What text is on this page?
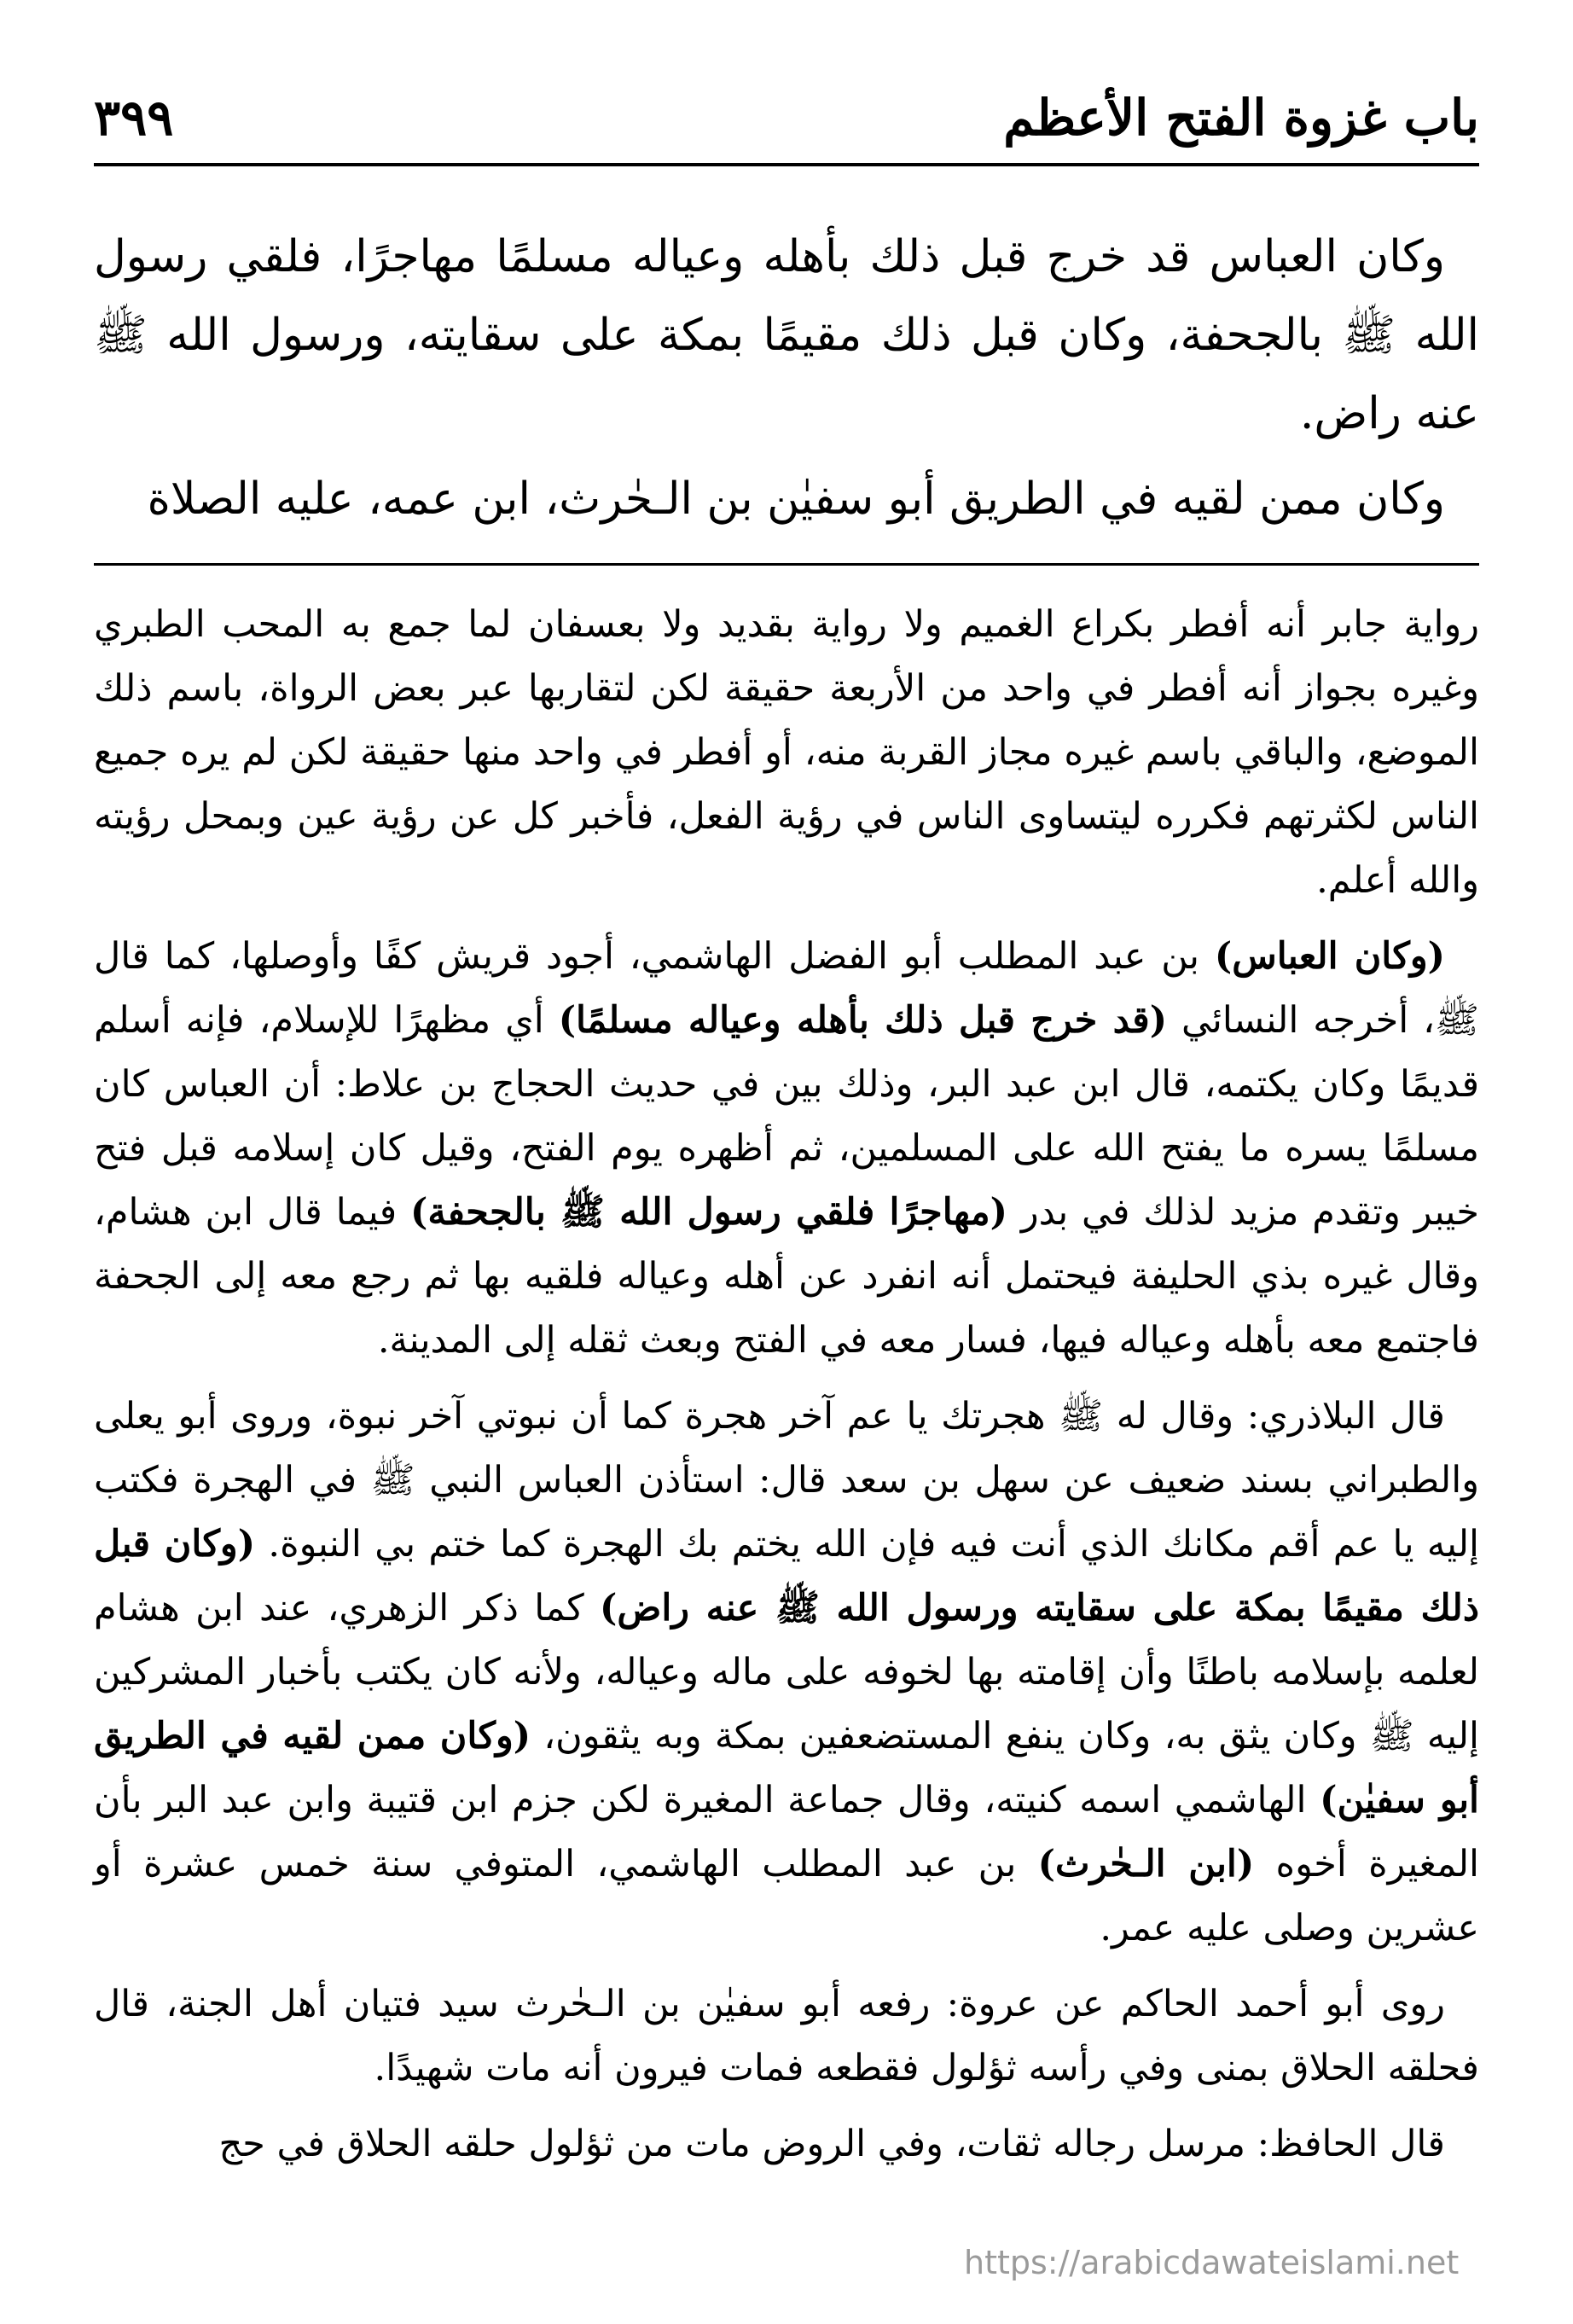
باب غزوة الفتح الأعظم
٣٩٩

وكان العباس قد خرج قبل ذلك بأهله وعياله مسلمًا مهاجرًا، فلقي رسول الله ﷺ بالجحفة، وكان قبل ذلك مقيمًا بمكة على سقايته، ورسول الله ﷺ عنه راض.

وكان ممن لقيه في الطريق أبو سفيٰن بن الـحٰرث، ابن عمه، عليه الصلاة

رواية جابر أنه أفطر بكراع الغميم ولا رواية بقديد ولا بعسفان لما جمع به المحب الطبري وغيره بجواز أنه أفطر في واحد من الأربعة حقيقة لكن لتقاربها عبر بعض الرواة، باسم ذلك الموضع، والباقي باسم غيره مجاز القربة منه، أو أفطر في واحد منها حقيقة لكن لم يره جميع الناس لكثرتهم فكرره ليتساوى الناس في رؤية الفعل، فأخبر كل عن رؤية عين وبمحل رؤيته والله أعلم.

(وكان العباس) بن عبد المطلب أبو الفضل الهاشمي، أجود قريش كفًا وأوصلها، كما قال ﷺ، أخرجه النسائي (قد خرج قبل ذلك بأهله وعياله مسلمًا) أي مظهرًا للإسلام، فإنه أسلم قديمًا وكان يكتمه، قال ابن عبد البر، وذلك بين في حديث الحجاج بن علاط: أن العباس كان مسلمًا يسره ما يفتح الله على المسلمين، ثم أظهره يوم الفتح، وقيل كان إسلامه قبل فتح خيبر وتقدم مزيد لذلك في بدر (مهاجرًا فلقي رسول الله ﷺ بالجحفة) فيما قال ابن هشام، وقال غيره بذي الحليفة فيحتمل أنه انفرد عن أهله وعياله فلقيه بها ثم رجع معه إلى الجحفة فاجتمع معه بأهله وعياله فيها، فسار معه في الفتح وبعث ثقله إلى المدينة.

قال البلاذري: وقال له ﷺ هجرتك يا عم آخر هجرة كما أن نبوتي آخر نبوة، وروى أبو يعلى والطبراني بسند ضعيف عن سهل بن سعد قال: استأذن العباس النبي ﷺ في الهجرة فكتب إليه يا عم أقم مكانك الذي أنت فيه فإن الله يختم بك الهجرة كما ختم بي النبوة. (وكان قبل ذلك مقيمًا بمكة على سقايته ورسول الله ﷺ عنه راض) كما ذكر الزهري، عند ابن هشام لعلمه بإسلامه باطنًا وأن إقامته بها لخوفه على ماله وعياله، ولأنه كان يكتب بأخبار المشركين إليه ﷺ وكان يثق به، وكان ينفع المستضعفين بمكة وبه يثقون، (وكان ممن لقيه في الطريق أبو سفيٰن) الهاشمي اسمه كنيته، وقال جماعة المغيرة لكن جزم ابن قتيبة وابن عبد البر بأن المغيرة أخوه (ابن الـحٰرث) بن عبد المطلب الهاشمي، المتوفي سنة خمس عشرة أو عشرين وصلى عليه عمر.

روى أبو أحمد الحاكم عن عروة: رفعه أبو سفيٰن بن الـحٰرث سيد فتيان أهل الجنة، قال فحلقه الحلاق بمنى وفي رأسه ثؤلول فقطعه فمات فيرون أنه مات شهيدًا.

قال الحافظ: مرسل رجاله ثقات، وفي الروض مات من ثؤلول حلقه الحلاق في حج

https://arabicdawateislami.net
